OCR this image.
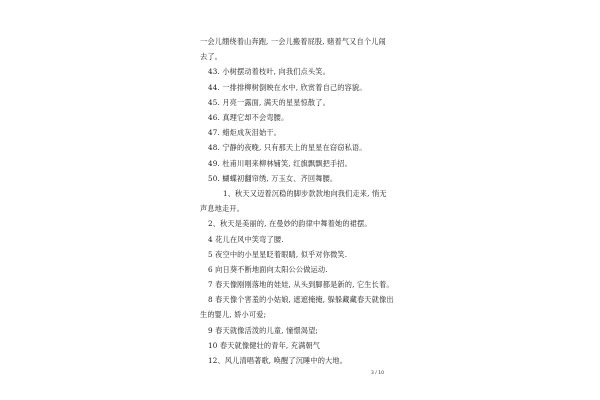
一会儿绷绕着山奔跑, 一会儿搬着屁股, 赌着气又自个儿闹
去了。
43. 小树摆动着枝叶, 向我们点头笑。
44. 一排排柳树倒映在水中, 欣赏着自己的容貌。
45. 月亮一露面, 满天的星星惊散了。
46. 真理它却不会弯腰。
47. 蜡炬成灰泪始干。
48. 宁静的夜晚, 只有那天上的星星在窃窃私语。
49. 杜甫川唱来柳林铺笑, 红旗飘飘把手招。
50. 蝴蝶初翻帘绣, 万玉女、齐回舞腰。
1、秋天又迈着沉稳的脚步款款地向我们走来, 悄无
声息地走开。
2、秋天是美丽的, 在曼妙的韵律中舞着她的裙摆。
4 花儿在风中笑弯了腰.
5 夜空中的小星星眨着眼睛, 似乎对你微笑.
6 向日葵不断地面向太阳公公做运动.
7 春天像刚刚落地的娃娃, 从头到脚都是新的, 它生长着。
8 春天像个害羞的小姑娘, 遮遮掩掩, 躲躲藏藏春天就像出
生的婴儿, 娇小可爱;
9 春天就像活泼的儿童, 憧憬渴望;
10 春天就像健壮的青年, 充满朝气
12、风儿清唱著歌, 唤醒了沉睡中的大地。
3 / 10
